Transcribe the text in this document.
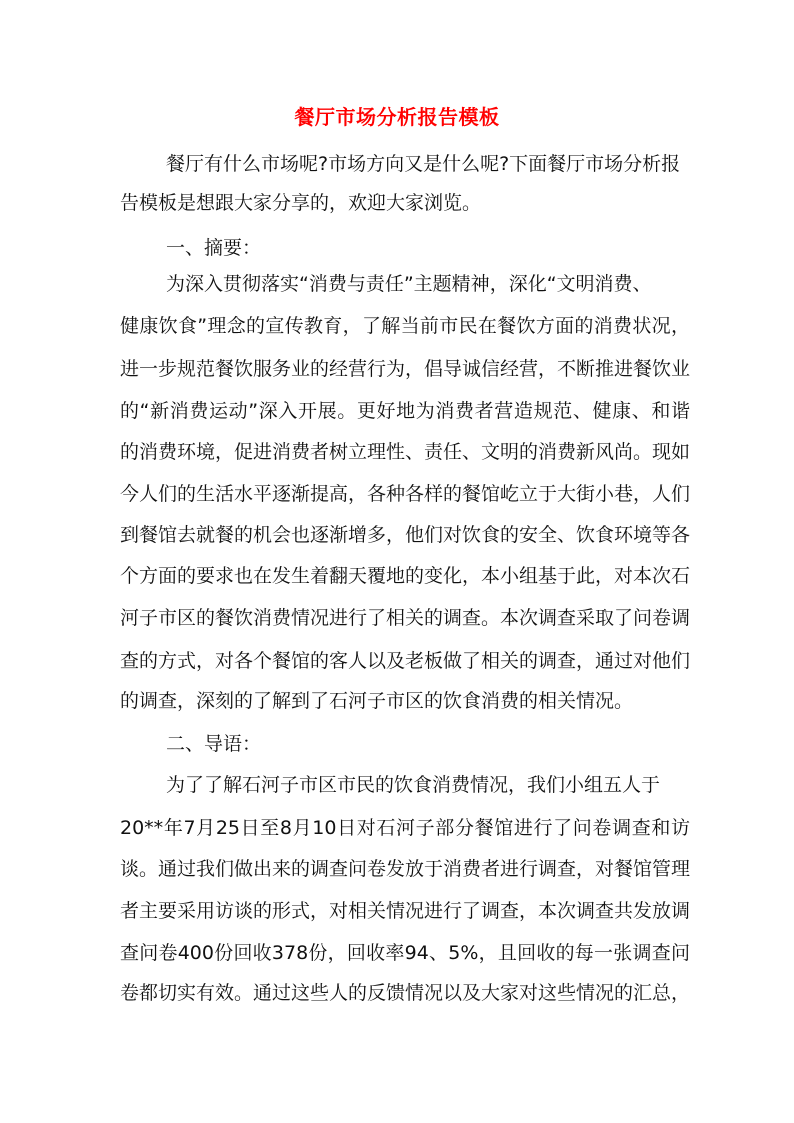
餐厅市场分析报告模板
餐厅有什么市场呢?市场方向又是什么呢?下面餐厅市场分析报
告模板是想跟大家分享的，欢迎大家浏览。
一、摘要：
为深入贯彻落实“消费与责任”主题精神，深化“文明消费、
健康饮食”理念的宣传教育，了解当前市民在餐饮方面的消费状况，
进一步规范餐饮服务业的经营行为，倡导诚信经营，不断推进餐饮业
的“新消费运动”深入开展。更好地为消费者营造规范、健康、和谐
的消费环境，促进消费者树立理性、责任、文明的消费新风尚。现如
今人们的生活水平逐渐提高，各种各样的餐馆屹立于大街小巷，人们
到餐馆去就餐的机会也逐渐增多，他们对饮食的安全、饮食环境等各
个方面的要求也在发生着翻天覆地的变化，本小组基于此，对本次石
河子市区的餐饮消费情况进行了相关的调查。本次调查采取了问卷调
查的方式，对各个餐馆的客人以及老板做了相关的调查，通过对他们
的调查，深刻的了解到了石河子市区的饮食消费的相关情况。
二、导语：
为了了解石河子市区市民的饮食消费情况，我们小组五人于
20**年7月25日至8月10日对石河子部分餐馆进行了问卷调查和访
谈。通过我们做出来的调查问卷发放于消费者进行调查，对餐馆管理
者主要采用访谈的形式，对相关情况进行了调查，本次调查共发放调
查问卷400份回收378份，回收率94、5%，且回收的每一张调查问
卷都切实有效。通过这些人的反馈情况以及大家对这些情况的汇总，
